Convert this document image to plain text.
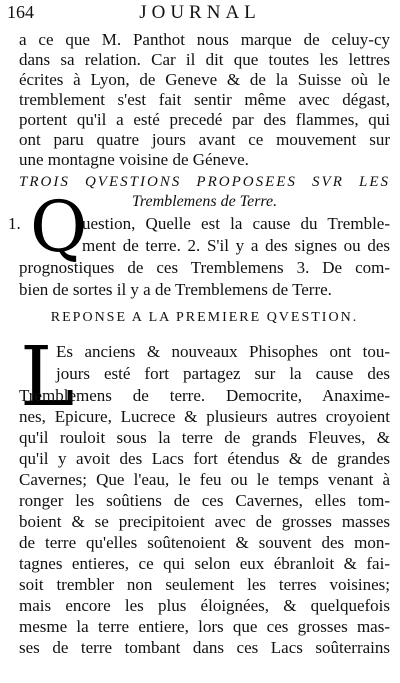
164	JOURNAL
a ce que M. Panthot nous marque de celuy-cy
dans sa relation. Car il dit que toutes les lettres
écrites à Lyon, de Geneve & de la Suisse où le
tremblement s'est fait sentir même avec dégast,
portent qu'il a esté precedé par des flammes, qui
ont paru quatre jours avant ce mouvement sur
une montagne voisine de Géneve.
TROIS QVESTIONS PROPOSEES SVR LES
Tremblemens de Terre.
1. Q
uestion, Quelle est la cause du Tremble-
ment de terre. 2. S'il y a des signes ou des
prognostiques de ces Tremblemens 3. De com-
bien de sortes il y a de Tremblemens de Terre.
REPONSE A LA PREMIERE QVESTION.
L
Es anciens & nouveaux Phisophes ont tou-
jours esté fort partagez sur la cause des
Tremblemens de terre. Democrite, Anaxime-
nes, Epicure, Lucrece & plusieurs autres croyoient
qu'il rouloit sous la terre de grands Fleuves, &
qu'il y avoit des Lacs fort étendus & de grandes
Cavernes; Que l'eau, le feu ou le temps venant à
ronger les soûtiens de ces Cavernes, elles tom-
boient & se precipitoient avec de grosses masses
de terre qu'elles soûtenoient & souvent des mon-
tagnes entieres, ce qui selon eux ébranloit & fai-
soit trembler non seulement les terres voisines;
mais encore les plus éloignées, & quelquefois
mesme la terre entiere, lors que ces grosses mas-
ses de terre tombant dans ces Lacs soûterrains
